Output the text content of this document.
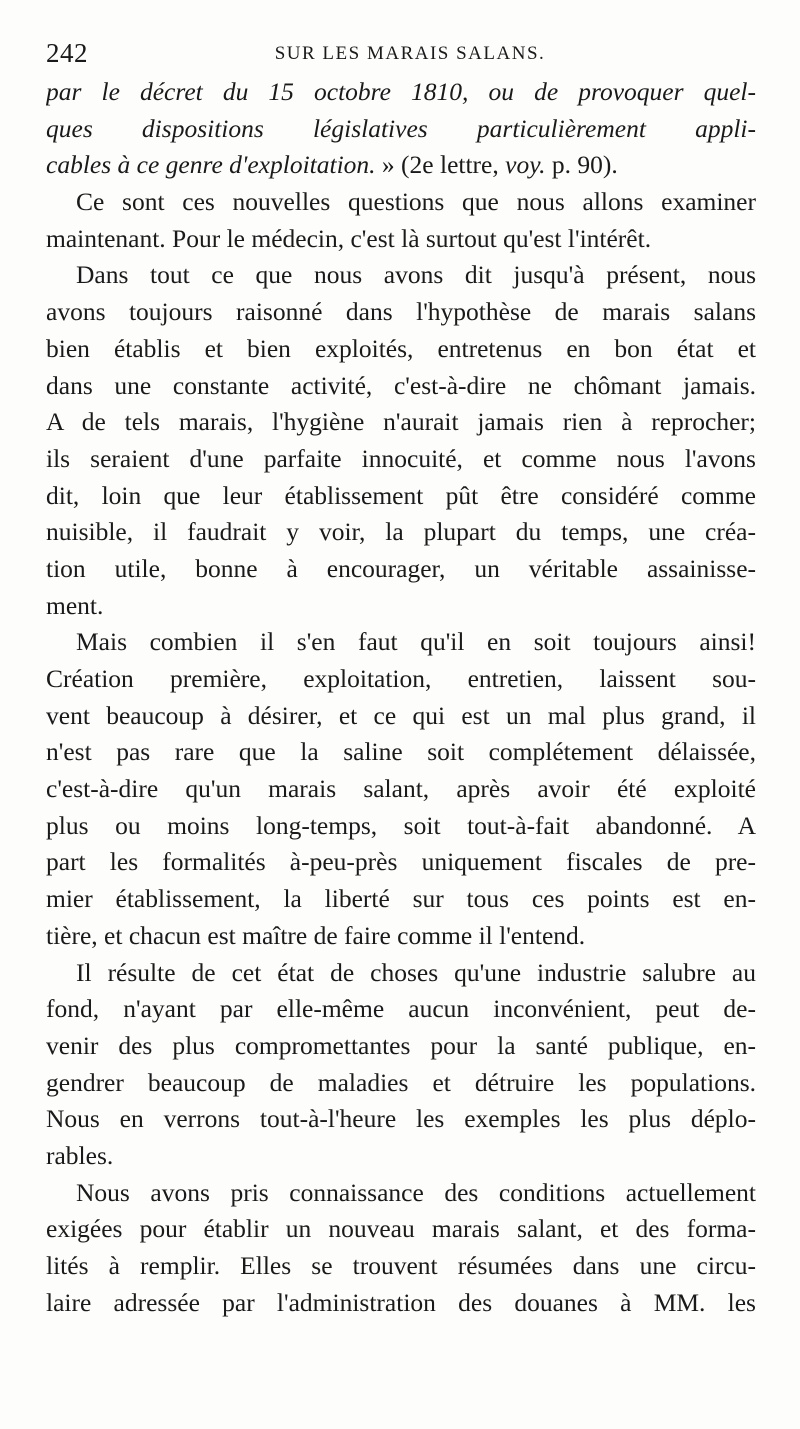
242	SUR LES MARAIS SALANS.
par le décret du 15 octobre 1810, ou de provoquer quel-
ques dispositions législatives particulièrement appli-
cables à ce genre d'exploitation. » (2e lettre, voy. p. 90).
Ce sont ces nouvelles questions que nous allons examiner
maintenant. Pour le médecin, c'est là surtout qu'est l'intérêt.
Dans tout ce que nous avons dit jusqu'à présent, nous
avons toujours raisonné dans l'hypothèse de marais salans
bien établis et bien exploités, entretenus en bon état et
dans une constante activité, c'est-à-dire ne chômant jamais.
A de tels marais, l'hygiène n'aurait jamais rien à reprocher;
ils seraient d'une parfaite innocuité, et comme nous l'avons
dit, loin que leur établissement pût être considéré comme
nuisible, il faudrait y voir, la plupart du temps, une créa-
tion utile, bonne à encourager, un véritable assainisse-
ment.
Mais combien il s'en faut qu'il en soit toujours ainsi!
Création première, exploitation, entretien, laissent sou-
vent beaucoup à désirer, et ce qui est un mal plus grand, il
n'est pas rare que la saline soit complétement délaissée,
c'est-à-dire qu'un marais salant, après avoir été exploité
plus ou moins long-temps, soit tout-à-fait abandonné. A
part les formalités à-peu-près uniquement fiscales de pre-
mier établissement, la liberté sur tous ces points est en-
tière, et chacun est maître de faire comme il l'entend.
Il résulte de cet état de choses qu'une industrie salubre au
fond, n'ayant par elle-même aucun inconvénient, peut de-
venir des plus compromettantes pour la santé publique, en-
gendrer beaucoup de maladies et détruire les populations.
Nous en verrons tout-à-l'heure les exemples les plus déplo-
rables.
Nous avons pris connaissance des conditions actuellement
exigées pour établir un nouveau marais salant, et des forma-
lités à remplir. Elles se trouvent résumées dans une circu-
laire adressée par l'administration des douanes à MM. les
